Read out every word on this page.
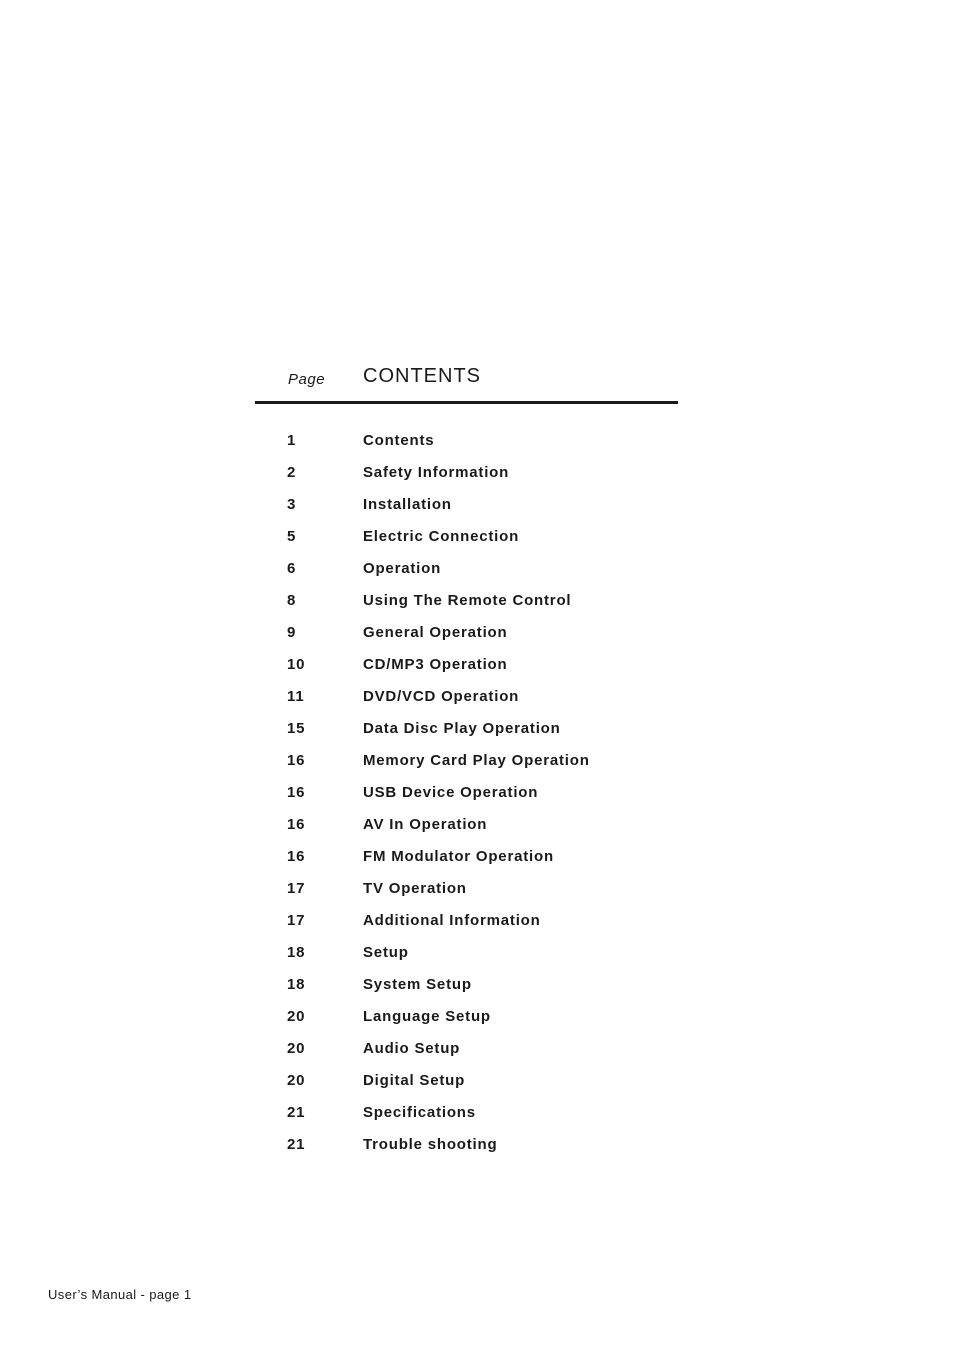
Page CONTENTS
1	Contents
2	Safety Information
3	Installation
5	Electric Connection
6	Operation
8	Using The Remote Control
9	General Operation
10	CD/MP3 Operation
11	DVD/VCD Operation
15	Data Disc Play Operation
16	Memory Card Play Operation
16	USB Device Operation
16	AV In Operation
16	FM Modulator Operation
17	TV Operation
17	Additional Information
18	Setup
18	System Setup
20	Language Setup
20	Audio Setup
20	Digital Setup
21	Specifications
21	Trouble shooting
User’s Manual - page 1
